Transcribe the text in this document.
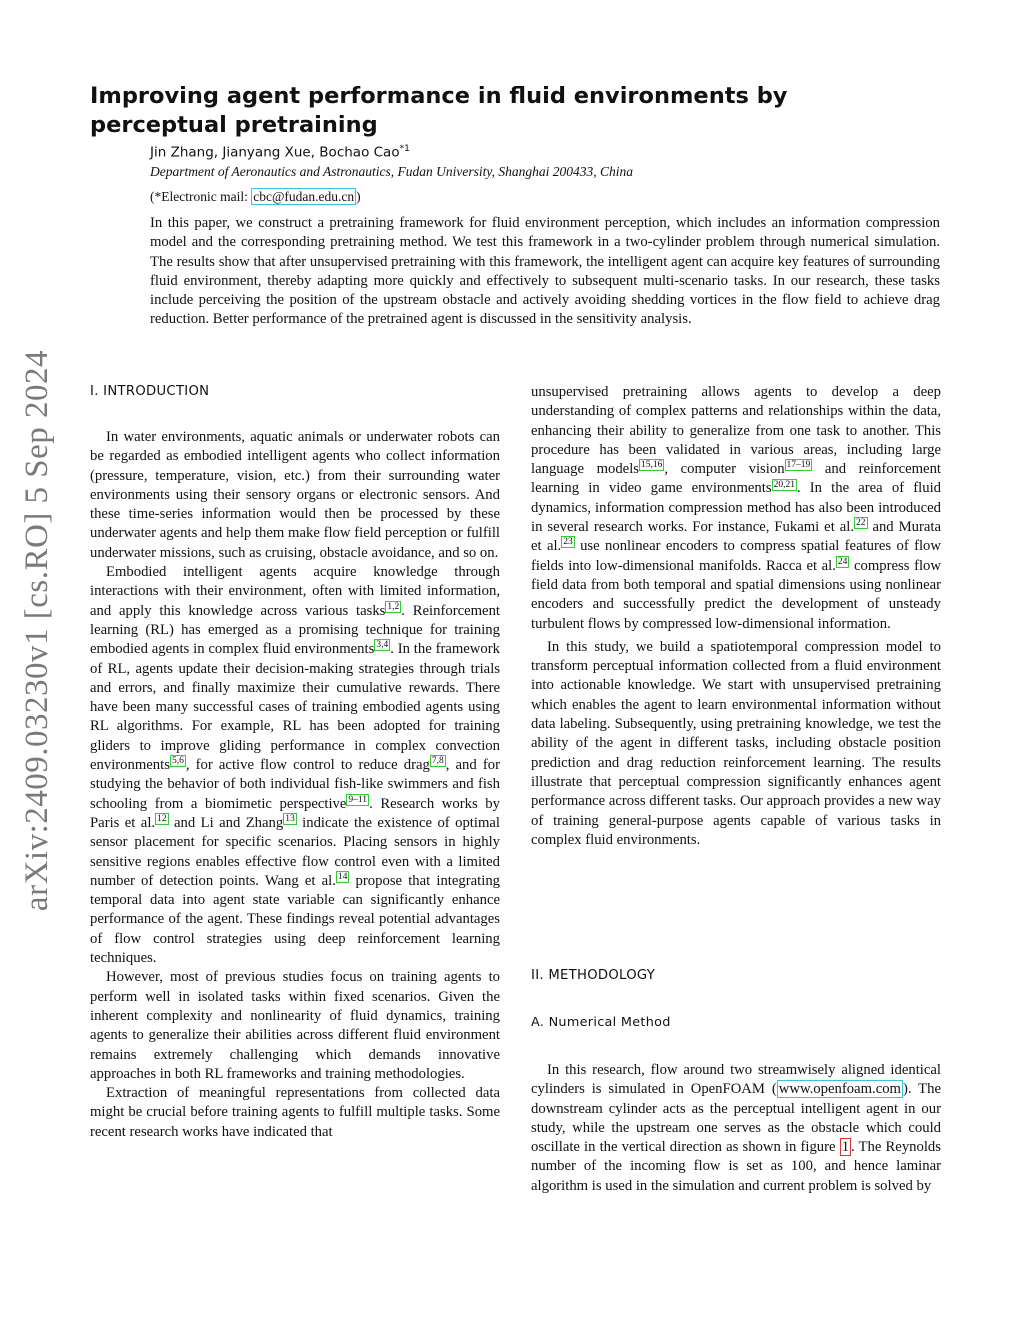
arXiv:2409.03230v1 [cs.RO] 5 Sep 2024
Improving agent performance in fluid environments by perceptual pretraining
Jin Zhang, Jianyang Xue, Bochao Cao$^{*1}$
Department of Aeronautics and Astronautics, Fudan University, Shanghai 200433, China
(*Electronic mail: cbc@fudan.edu.cn )

In this paper, we construct a pretraining framework for fluid environment perception, which includes an information compression model and the corresponding pretraining method. We test this framework in a two-cylinder problem through numerical simulation. The results show that after unsupervised pretraining with this framework, the intelligent agent can acquire key features of surrounding fluid environment, thereby adapting more quickly and effectively to subsequent multi-scenario tasks. In our research, these tasks include perceiving the position of the upstream obstacle and actively avoiding shedding vortices in the flow field to achieve drag reduction. Better performance of the pretrained agent is discussed in the sensitivity analysis.

I. INTRODUCTION

In water environments, aquatic animals or underwater robots can be regarded as embodied intelligent agents who collect information (pressure, temperature, vision, etc.) from their surrounding water environments using their sensory organs or electronic sensors. And these time-series information would then be processed by these underwater agents and help them make flow field perception or fulfill underwater missions, such as cruising, obstacle avoidance, and so on.

Embodied intelligent agents acquire knowledge through interactions with their environment, often with limited information, and apply this knowledge across various tasks $^{1,2}$ . Reinforcement learning (RL) has emerged as a promising technique for training embodied agents in complex fluid environments $^{3,4}$ . In the framework of RL, agents update their decision-making strategies through trials and errors, and finally maximize their cumulative rewards. There have been many successful cases of training embodied agents using RL algorithms. For example, RL has been adopted for training gliders to improve gliding performance in complex convection environments $^{5,6}$ , for active flow control to reduce drag $^{7,8}$ , and for studying the behavior of both individual fish-like swimmers and fish schooling from a biomimetic perspective $^{9-11}$ . Research works by Paris et al. $^{12}$ and Li and Zhang $^{13}$ indicate the existence of optimal sensor placement for specific scenarios. Placing sensors in highly sensitive regions enables effective flow control even with a limited number of detection points. Wang et al. $^{14}$ propose that integrating temporal data into agent state variable can significantly enhance performance of the agent. These findings reveal potential advantages of flow control strategies using deep reinforcement learning techniques.

However, most of previous studies focus on training agents to perform well in isolated tasks within fixed scenarios. Given the inherent complexity and nonlinearity of fluid dynamics, training agents to generalize their abilities across different fluid environment remains extremely challenging which demands innovative approaches in both RL frameworks and training methodologies.

Extraction of meaningful representations from collected data might be crucial before training agents to fulfill multiple tasks. Some recent research works have indicated that

unsupervised pretraining allows agents to develop a deep understanding of complex patterns and relationships within the data, enhancing their ability to generalize from one task to another. This procedure has been validated in various areas, including large language models $^{15,16}$ , computer vision $^{17-19}$ and reinforcement learning in video game environments $^{20,21}$ . In the area of fluid dynamics, information compression method has also been introduced in several research works. For instance, Fukami et al. $^{22}$ and Murata et al. $^{23}$ use nonlinear encoders to compress spatial features of flow fields into low-dimensional manifolds. Racca et al. $^{24}$ compress flow field data from both temporal and spatial dimensions using nonlinear encoders and successfully predict the development of unsteady turbulent flows by compressed low-dimensional information.

In this study, we build a spatiotemporal compression model to transform perceptual information collected from a fluid environment into actionable knowledge. We start with unsupervised pretraining which enables the agent to learn environmental information without data labeling. Subsequently, using pretraining knowledge, we test the ability of the agent in different tasks, including obstacle position prediction and drag reduction reinforcement learning. The results illustrate that perceptual compression significantly enhances agent performance across different tasks. Our approach provides a new way of training general-purpose agents capable of various tasks in complex fluid environments.

II. METHODOLOGY
A. Numerical Method

In this research, flow around two streamwisely aligned identical cylinders is simulated in OpenFOAM ( www.openfoam.com ). The downstream cylinder acts as the perceptual intelligent agent in our study, while the upstream one serves as the obstacle which could oscillate in the vertical direction as shown in figure 1 . The Reynolds number of the incoming flow is set as 100, and hence laminar algorithm is used in the simulation and current problem is solved by
